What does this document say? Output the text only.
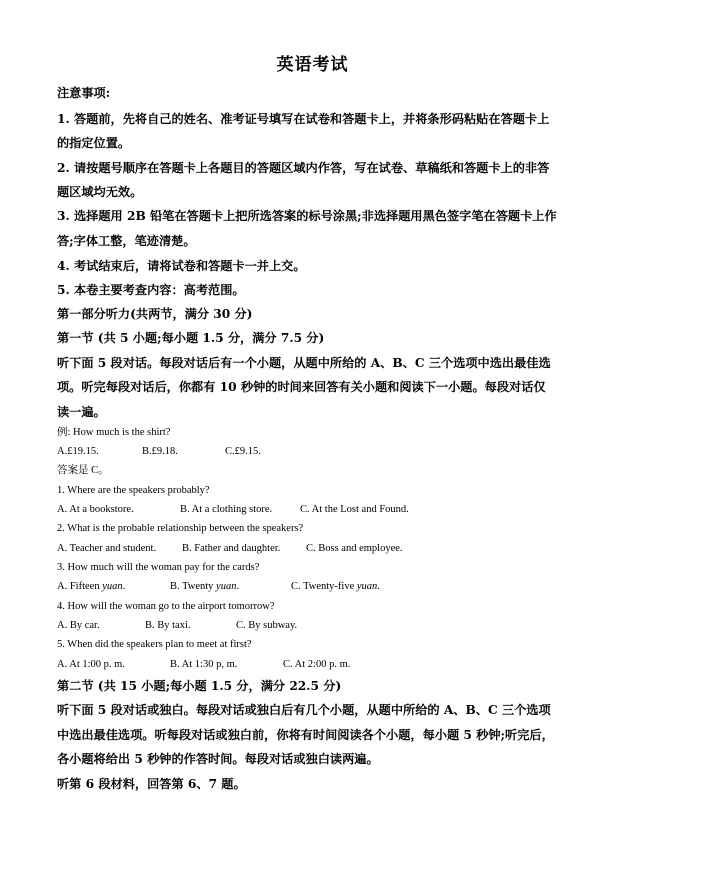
英语考试
注意事项:
1. 答题前，先将自己的姓名、准考证号填写在试卷和答题卡上，并将条形码粘贴在答题卡上
的指定位置。
2. 请按题号顺序在答题卡上各题目的答题区域内作答，写在试卷、草稿纸和答题卡上的非答
题区域均无效。
3. 选择题用 2B 铅笔在答题卡上把所选答案的标号涂黑;非选择题用黑色签字笔在答题卡上作
答;字体工整，笔迹清楚。
4. 考试结束后，请将试卷和答题卡一并上交。
5. 本卷主要考查内容：高考范围。
第一部分听力(共两节，满分 30 分)
第一节 (共 5 小题;每小题 1.5 分，满分 7.5 分)
听下面 5 段对话。每段对话后有一个小题，从题中所给的 A、B、C 三个选项中选出最佳选
项。听完每段对话后，你都有 10 秒钟的时间来回答有关小题和阅读下一小题。每段对话仅
读一遍。
例: How much is the shirt?
A.£19.15.	B.£9.18.	C.£9.15.
答案是 C。
1. Where are the speakers probably?
A. At a bookstore.	B. At a clothing store.	C. At the Lost and Found.
2. What is the probable relationship between the speakers?
A. Teacher and student. B. Father and daughter. C. Boss and employee.
3. How much will the woman pay for the cards?
A. Fifteen yuan.	B. Twenty yuan.	C. Twenty-five yuan.
4. How will the woman go to the airport tomorrow?
A. By car.	B. By taxi.	C. By subway.
5. When did the speakers plan to meet at first?
A. At 1:00 p. m.	B. At 1:30 p, m.	C. At 2:00 p. m.
第二节 (共 15 小题;每小题 1.5 分，满分 22.5 分)
听下面 5 段对话或独白。每段对话或独白后有几个小题，从题中所给的 A、B、C 三个选项
中选出最佳选项。听每段对话或独白前，你将有时间阅读各个小题，每小题 5 秒钟;听完后，
各小题将给出 5 秒钟的作答时间。每段对话或独白读两遍。
听第 6 段材料，回答第 6、7 题。
